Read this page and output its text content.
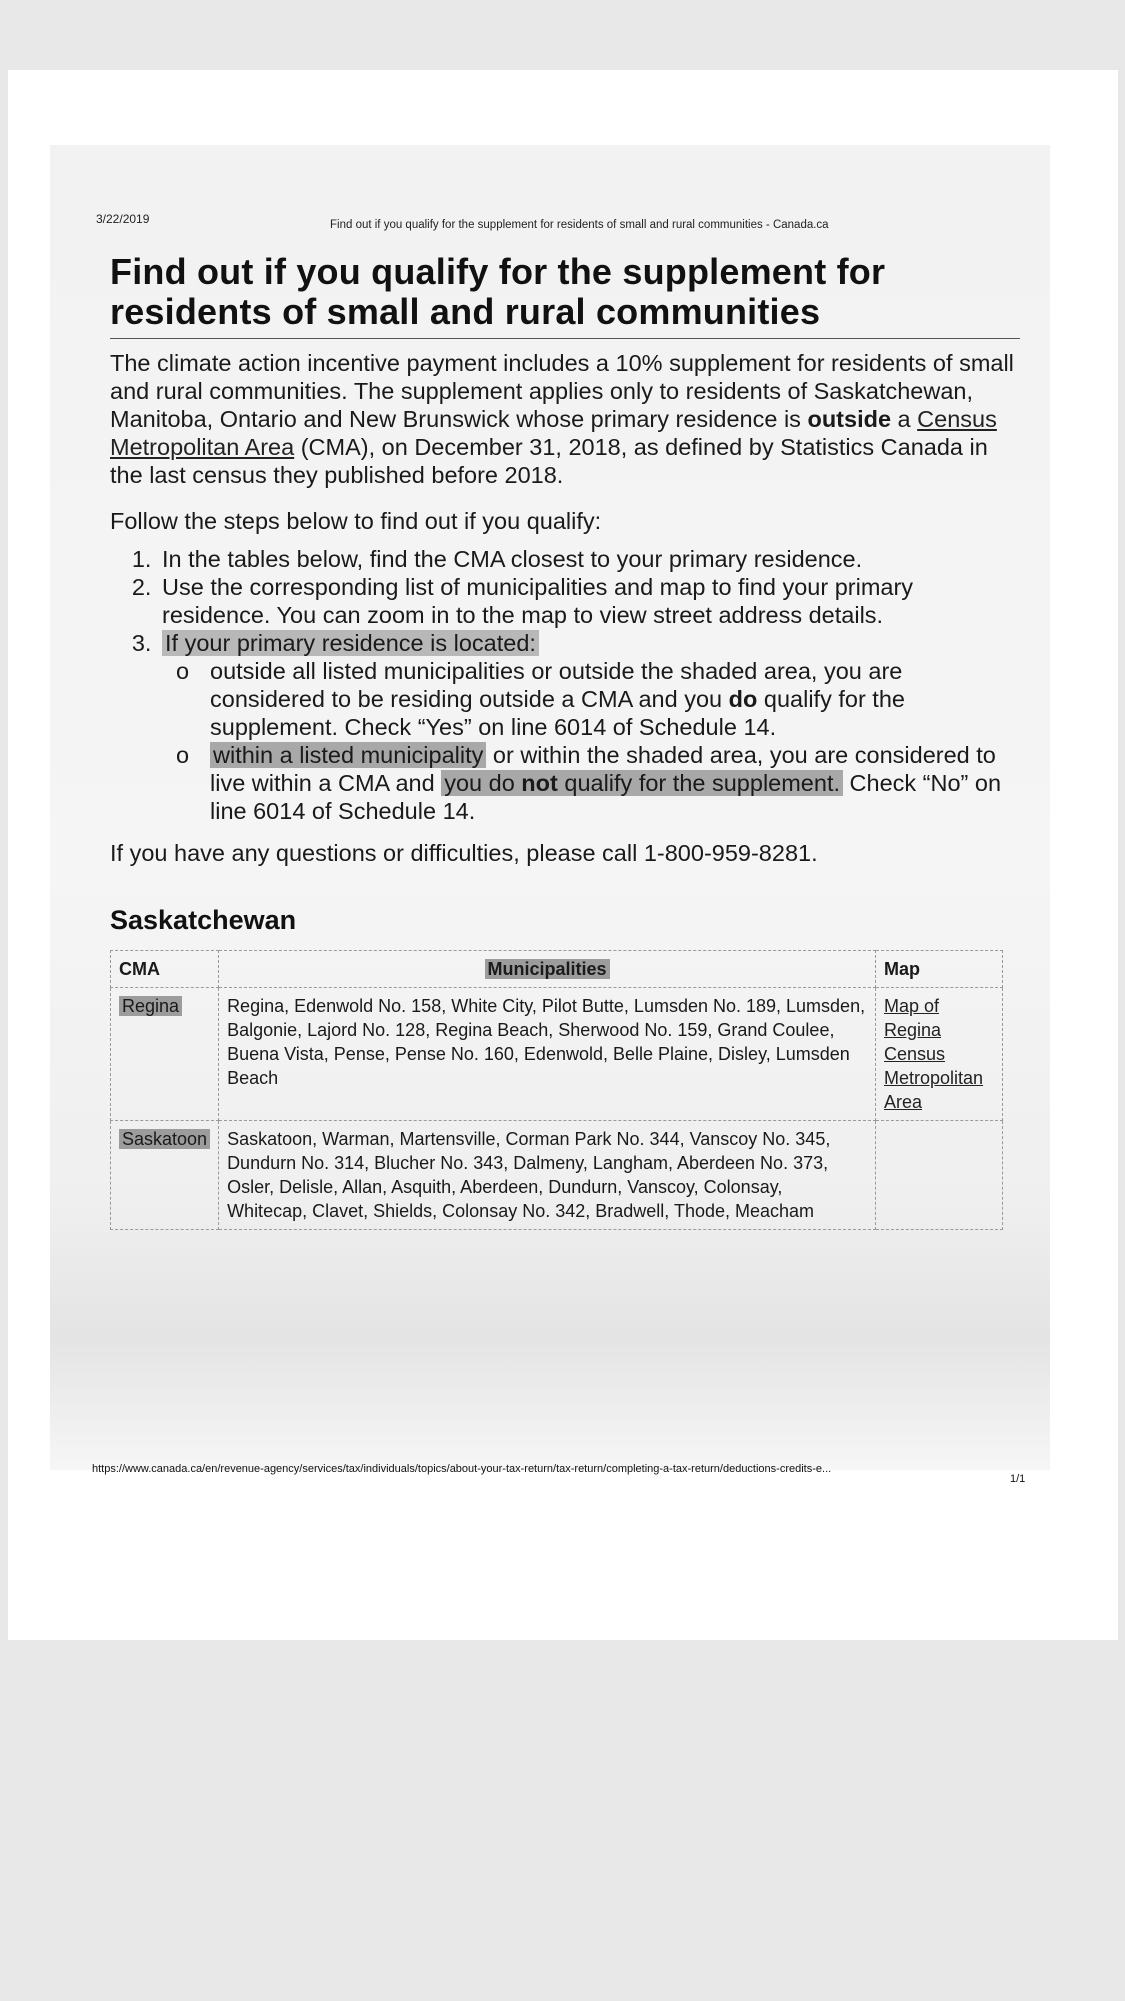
3/22/2019	Find out if you qualify for the supplement for residents of small and rural communities - Canada.ca
Find out if you qualify for the supplement for residents of small and rural communities

The climate action incentive payment includes a 10% supplement for residents of small and rural communities. The supplement applies only to residents of Saskatchewan, Manitoba, Ontario and New Brunswick whose primary residence is outside a Census Metropolitan Area (CMA), on December 31, 2018, as defined by Statistics Canada in the last census they published before 2018.

Follow the steps below to find out if you qualify:

1. In the tables below, find the CMA closest to your primary residence.
2. Use the corresponding list of municipalities and map to find your primary residence. You can zoom in to the map to view street address details.
3. If your primary residence is located:
o outside all listed municipalities or outside the shaded area, you are considered to be residing outside a CMA and you do qualify for the supplement. Check “Yes” on line 6014 of Schedule 14.
o within a listed municipality or within the shaded area, you are considered to live within a CMA and you do not qualify for the supplement. Check “No” on line 6014 of Schedule 14.

If you have any questions or difficulties, please call 1-800-959-8281.

Saskatchewan
CMA	Municipalities	Map
Regina	Regina, Edenwold No. 158, White City, Pilot Butte, Lumsden No. 189, Lumsden, Balgonie, Lajord No. 128, Regina Beach, Sherwood No. 159, Grand Coulee, Buena Vista, Pense, Pense No. 160, Edenwold, Belle Plaine, Disley, Lumsden Beach	Map of Regina Census Metropolitan Area
Saskatoon	Saskatoon, Warman, Martensville, Corman Park No. 344, Vanscoy No. 345, Dundurn No. 314, Blucher No. 343, Dalmeny, Langham, Aberdeen No. 373, Osler, Delisle, Allan, Asquith, Aberdeen, Dundurn, Vanscoy, Colonsay, Whitecap, Clavet, Shields, Colonsay No. 342, Bradwell, Thode, Meacham	
https://www.canada.ca/en/revenue-agency/services/tax/individuals/topics/about-your-tax-return/tax-return/completing-a-tax-return/deductions-credits-e...
1/1
